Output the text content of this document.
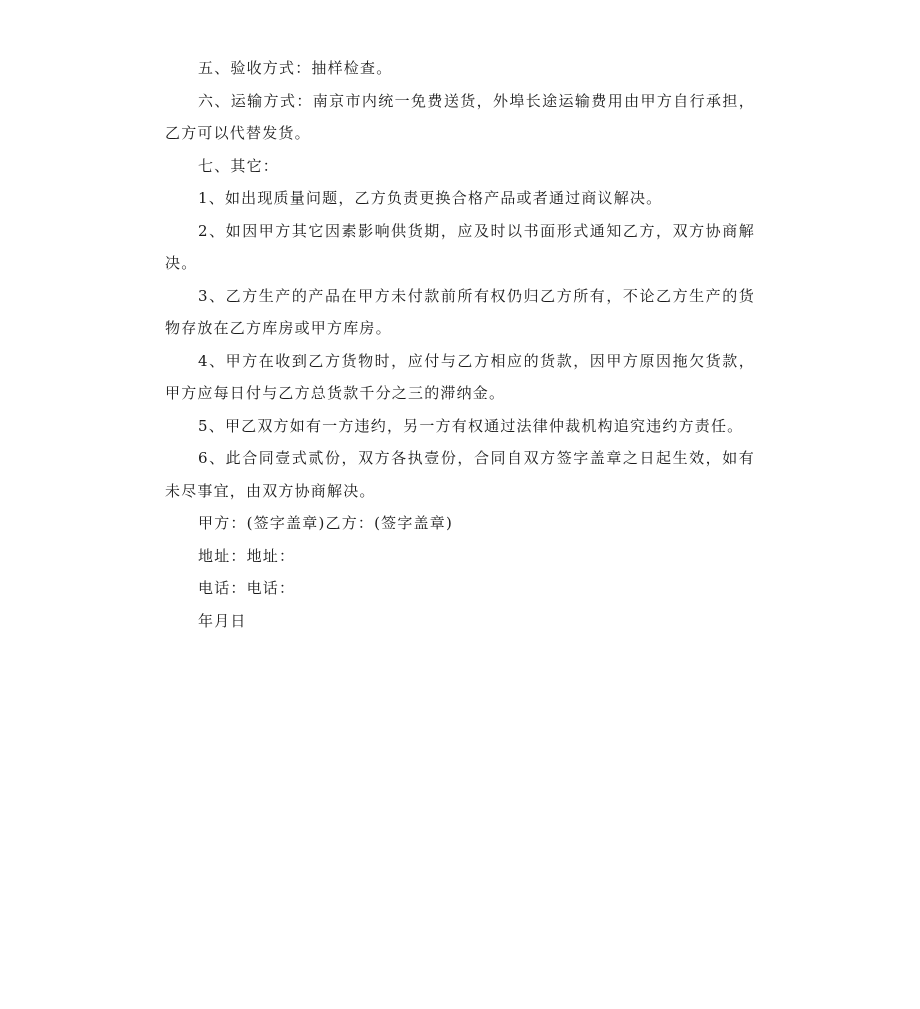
五、验收方式：抽样检查。

六、运输方式：南京市内统一免费送货，外埠长途运输费用由甲方自行承担，乙方可以代替发货。

七、其它：

1、如出现质量问题，乙方负责更换合格产品或者通过商议解决。

2、如因甲方其它因素影响供货期，应及时以书面形式通知乙方，双方协商解决。

3、乙方生产的产品在甲方未付款前所有权仍归乙方所有，不论乙方生产的货物存放在乙方库房或甲方库房。

4、甲方在收到乙方货物时，应付与乙方相应的货款，因甲方原因拖欠货款，甲方应每日付与乙方总货款千分之三的滞纳金。

5、甲乙双方如有一方违约，另一方有权通过法律仲裁机构追究违约方责任。

6、此合同壹式贰份，双方各执壹份，合同自双方签字盖章之日起生效，如有未尽事宜，由双方协商解决。

甲方：(签字盖章)乙方：(签字盖章)

地址：地址：

电话：电话：

年月日
